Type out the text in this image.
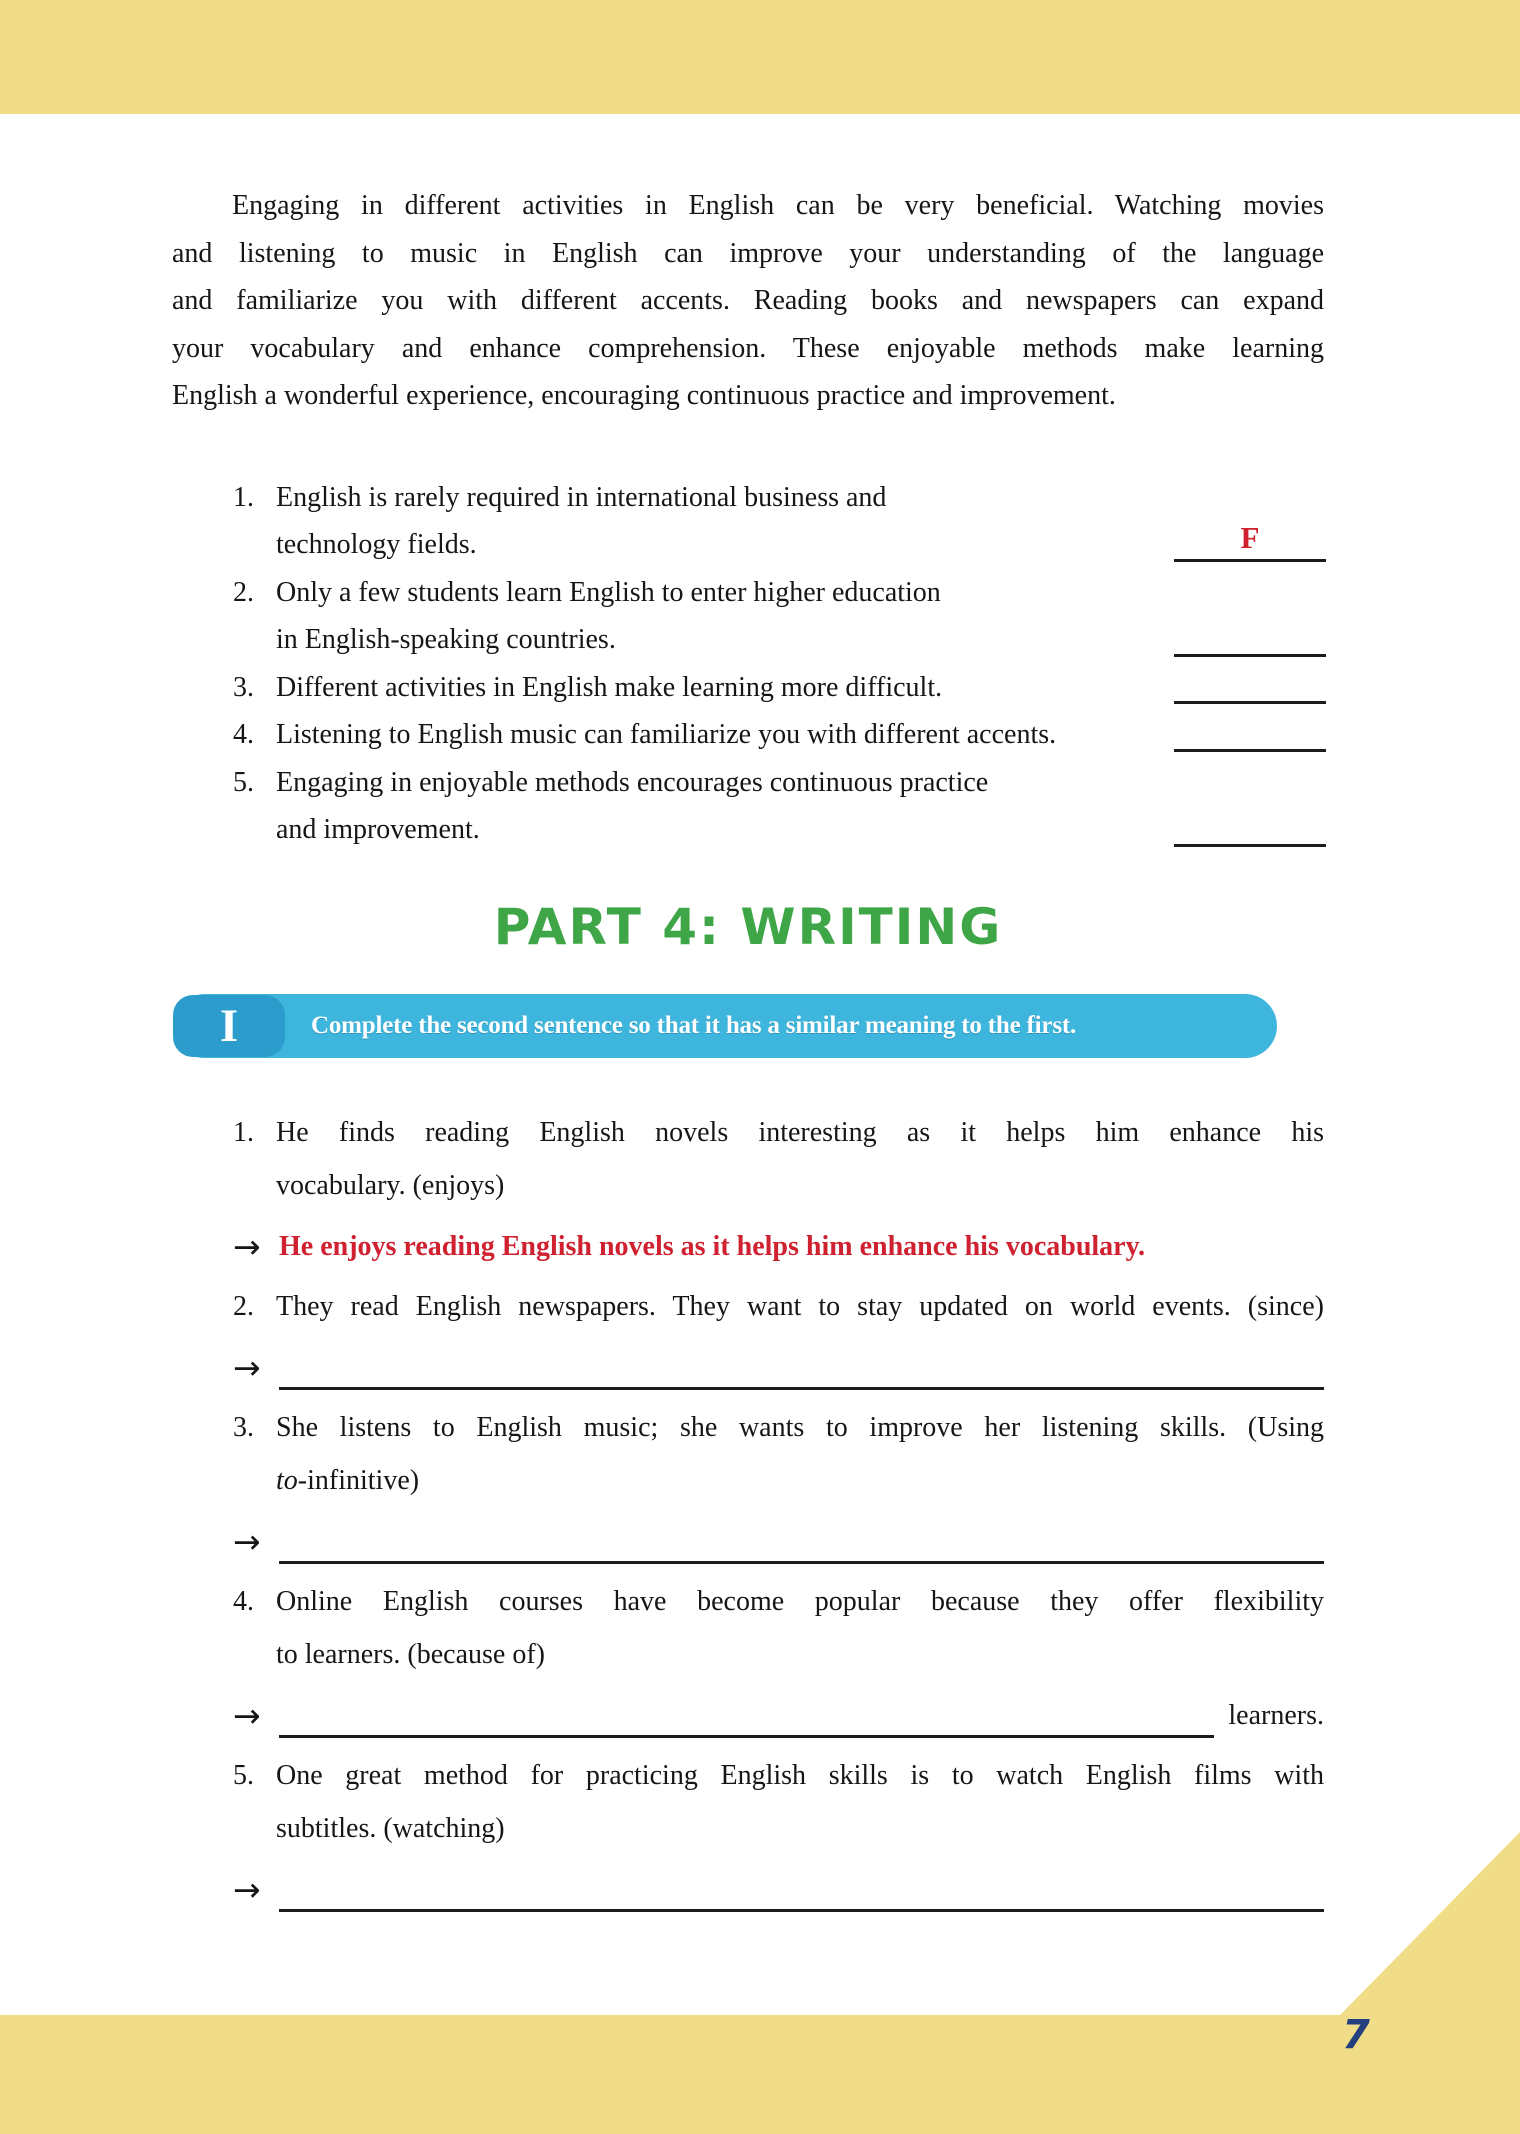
Engaging in different activities in English can be very beneficial. Watching movies
and listening to music in English can improve your understanding of the language
and familiarize you with different accents. Reading books and newspapers can expand
your vocabulary and enhance comprehension. These enjoyable methods make learning
English a wonderful experience, encouraging continuous practice and improvement.
1. English is rarely required in international business and
technology fields.	F
2. Only a few students learn English to enter higher education
in English-speaking countries.
3. Different activities in English make learning more difficult.
4. Listening to English music can familiarize you with different accents.
5. Engaging in enjoyable methods encourages continuous practice
and improvement.
PART 4: WRITING
I	Complete the second sentence so that it has a similar meaning to the first.
1. He finds reading English novels interesting as it helps him enhance his
vocabulary. (enjoys)
→ He enjoys reading English novels as it helps him enhance his vocabulary.
2. They read English newspapers. They want to stay updated on world events. (since)
→
3. She listens to English music; she wants to improve her listening skills. (Using
to-infinitive)
→
4. Online English courses have become popular because they offer flexibility
to learners. (because of)
→	learners.
5. One great method for practicing English skills is to watch English films with
subtitles. (watching)
→
7
